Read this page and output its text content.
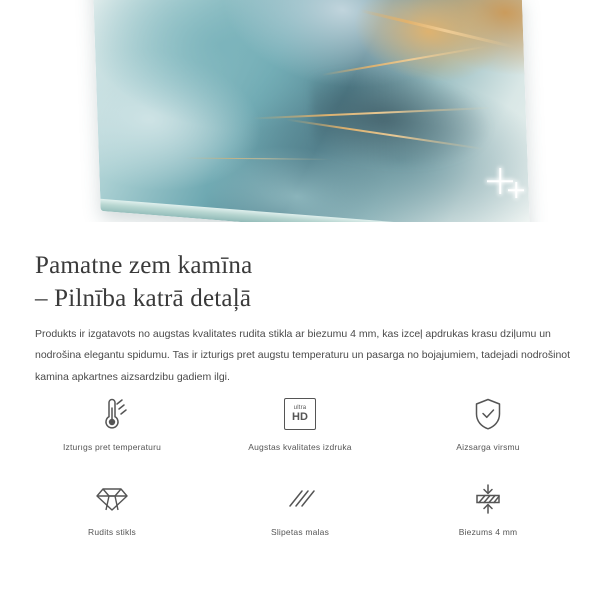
Pamatne zem kamīna
– Pilnība katrā detaļā

Produkts ir izgatavots no augstas kvalitates rudita stikla ar biezumu 4 mm, kas izceļ apdrukas krasu dziļumu un nodrošina elegantu spidumu. Tas ir izturigs pret augstu temperaturu un pasarga no bojajumiem, tadejadi nodrošinot kamina apkartnes aizsardzibu gadiem ilgi.

Izturıgs pret temperaturu
ultra
HD
Augstas kvalitates izdruka	Aizsarga virsmu
Rudits stikls	Slipetas malas	Biezums 4 mm
